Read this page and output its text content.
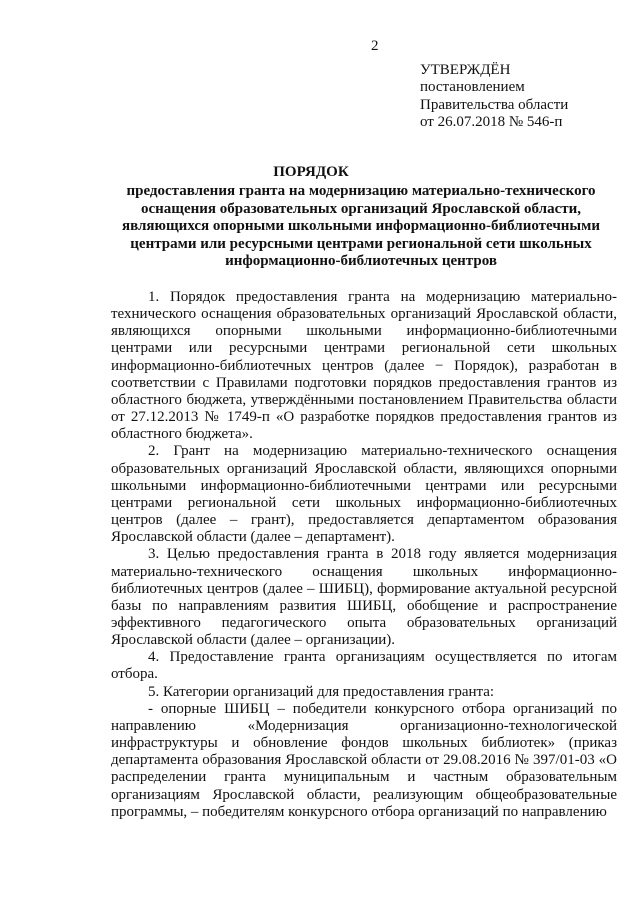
2
УТВЕРЖДЁН
постановлением
Правительства области
от 26.07.2018 № 546-п
ПОРЯДОК
предоставления гранта на модернизацию материально-технического оснащения образовательных организаций Ярославской области, являющихся опорными школьными информационно-библиотечными центрами или ресурсными центрами региональной сети школьных информационно-библиотечных центров

1. Порядок предоставления гранта на модернизацию материально-технического оснащения образовательных организаций Ярославской области, являющихся опорными школьными информационно-библиотечными центрами или ресурсными центрами региональной сети школьных информационно-библиотечных центров (далее − Порядок), разработан в соответствии с Правилами подготовки порядков предоставления грантов из областного бюджета, утверждёнными постановлением Правительства области от 27.12.2013 № 1749-п «О разработке порядков предоставления грантов из областного бюджета».

2. Грант на модернизацию материально-технического оснащения образовательных организаций Ярославской области, являющихся опорными школьными информационно-библиотечными центрами или ресурсными центрами региональной сети школьных информационно-библиотечных центров (далее – грант), предоставляется департаментом образования Ярославской области (далее – департамент).

3. Целью предоставления гранта в 2018 году является модернизация материально-технического оснащения школьных информационно-библиотечных центров (далее – ШИБЦ), формирование актуальной ресурсной базы по направлениям развития ШИБЦ, обобщение и распространение эффективного педагогического опыта образовательных организаций Ярославской области (далее – организации).

4. Предоставление гранта организациям осуществляется по итогам отбора.

5. Категории организаций для предоставления гранта:

- опорные ШИБЦ – победители конкурсного отбора организаций по направлению «Модернизация организационно-технологической инфраструктуры и обновление фондов школьных библиотек» (приказ департамента образования Ярославской области от 29.08.2016 № 397/01-03 «О распределении гранта муниципальным и частным образовательным организациям Ярославской области, реализующим общеобразовательные программы, – победителям конкурсного отбора организаций по направлению
